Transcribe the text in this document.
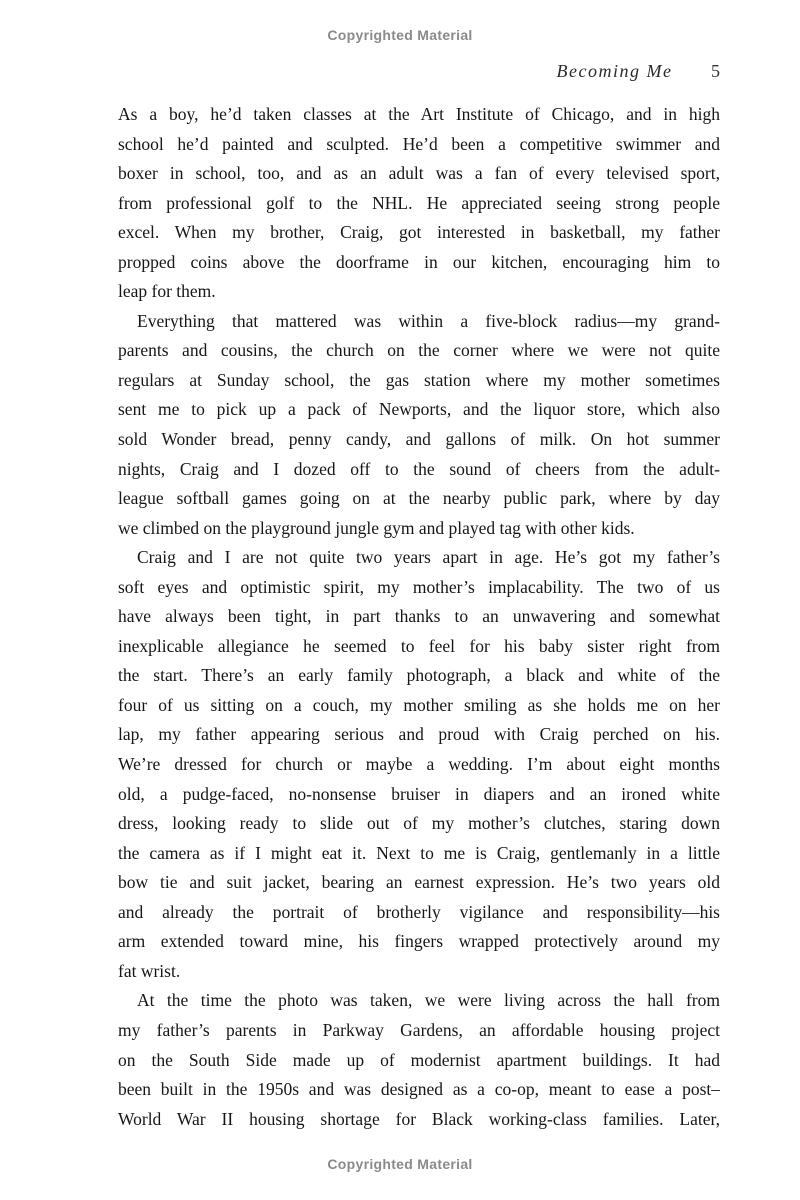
Copyrighted Material
Becoming Me 5
As a boy, he’d taken classes at the Art Institute of Chicago, and in high
school he’d painted and sculpted. He’d been a competitive swimmer and
boxer in school, too, and as an adult was a fan of every televised sport,
from professional golf to the NHL. He appreciated seeing strong people
excel. When my brother, Craig, got interested in basketball, my father
propped coins above the doorframe in our kitchen, encouraging him to
leap for them.
Everything that mattered was within a five-block radius—my grand-
parents and cousins, the church on the corner where we were not quite
regulars at Sunday school, the gas station where my mother sometimes
sent me to pick up a pack of Newports, and the liquor store, which also
sold Wonder bread, penny candy, and gallons of milk. On hot summer
nights, Craig and I dozed off to the sound of cheers from the adult-
league softball games going on at the nearby public park, where by day
we climbed on the playground jungle gym and played tag with other kids.
Craig and I are not quite two years apart in age. He’s got my father’s
soft eyes and optimistic spirit, my mother’s implacability. The two of us
have always been tight, in part thanks to an unwavering and somewhat
inexplicable allegiance he seemed to feel for his baby sister right from
the start. There’s an early family photograph, a black and white of the
four of us sitting on a couch, my mother smiling as she holds me on her
lap, my father appearing serious and proud with Craig perched on his.
We’re dressed for church or maybe a wedding. I’m about eight months
old, a pudge-faced, no-nonsense bruiser in diapers and an ironed white
dress, looking ready to slide out of my mother’s clutches, staring down
the camera as if I might eat it. Next to me is Craig, gentlemanly in a little
bow tie and suit jacket, bearing an earnest expression. He’s two years old
and already the portrait of brotherly vigilance and responsibility—his
arm extended toward mine, his fingers wrapped protectively around my
fat wrist.
At the time the photo was taken, we were living across the hall from
my father’s parents in Parkway Gardens, an affordable housing project
on the South Side made up of modernist apartment buildings. It had
been built in the 1950s and was designed as a co-op, meant to ease a post–
World War II housing shortage for Black working-class families. Later,
Copyrighted Material
